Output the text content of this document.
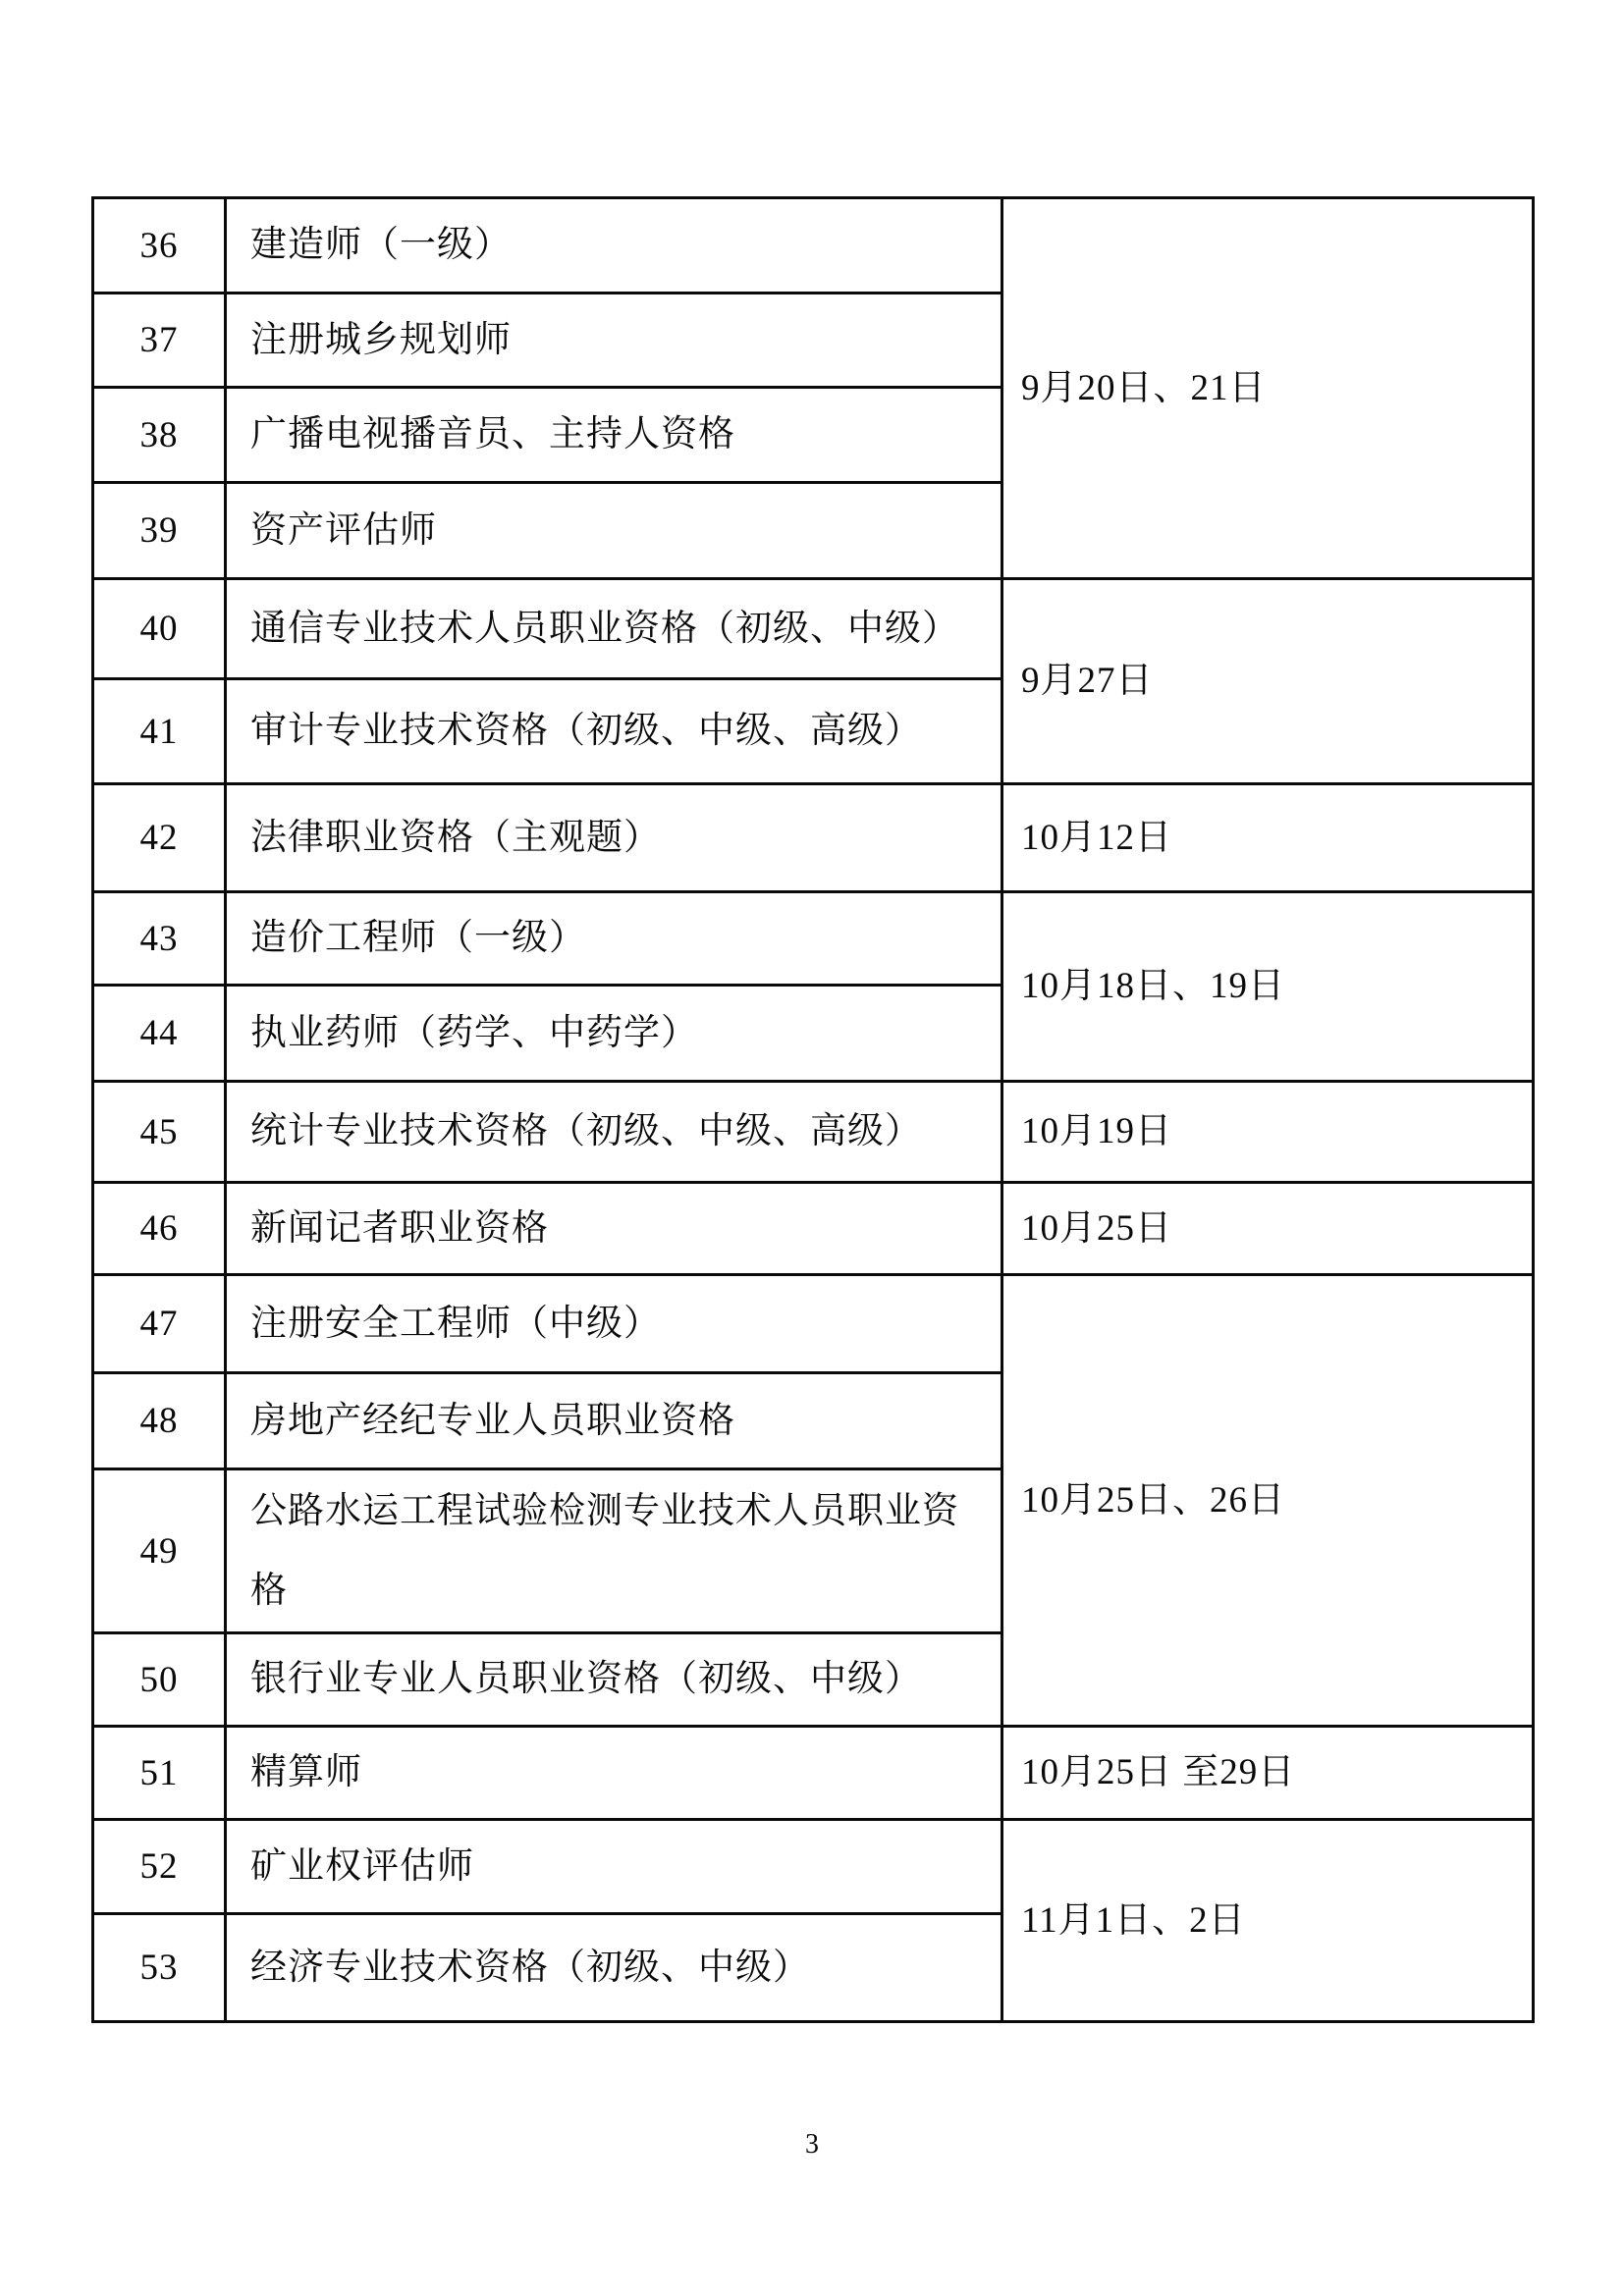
36	建造师（一级）	9月20日、21日
37	注册城乡规划师	
38	广播电视播音员、主持人资格	
39	资产评估师	
40	通信专业技术人员职业资格（初级、中级）	9月27日
41	审计专业技术资格（初级、中级、高级）	
42	法律职业资格（主观题）	10月12日
43	造价工程师（一级）	10月18日、19日
44	执业药师（药学、中药学）	
45	统计专业技术资格（初级、中级、高级）	10月19日
46	新闻记者职业资格	10月25日
47	注册安全工程师（中级）	10月25日、26日
48	房地产经纪专业人员职业资格	
49	公路水运工程试验检测专业技术人员职业资格	
50	银行业专业人员职业资格（初级、中级）	
51	精算师	10月25日 至29日
52	矿业权评估师	11月1日、2日
53	经济专业技术资格（初级、中级）	
3
